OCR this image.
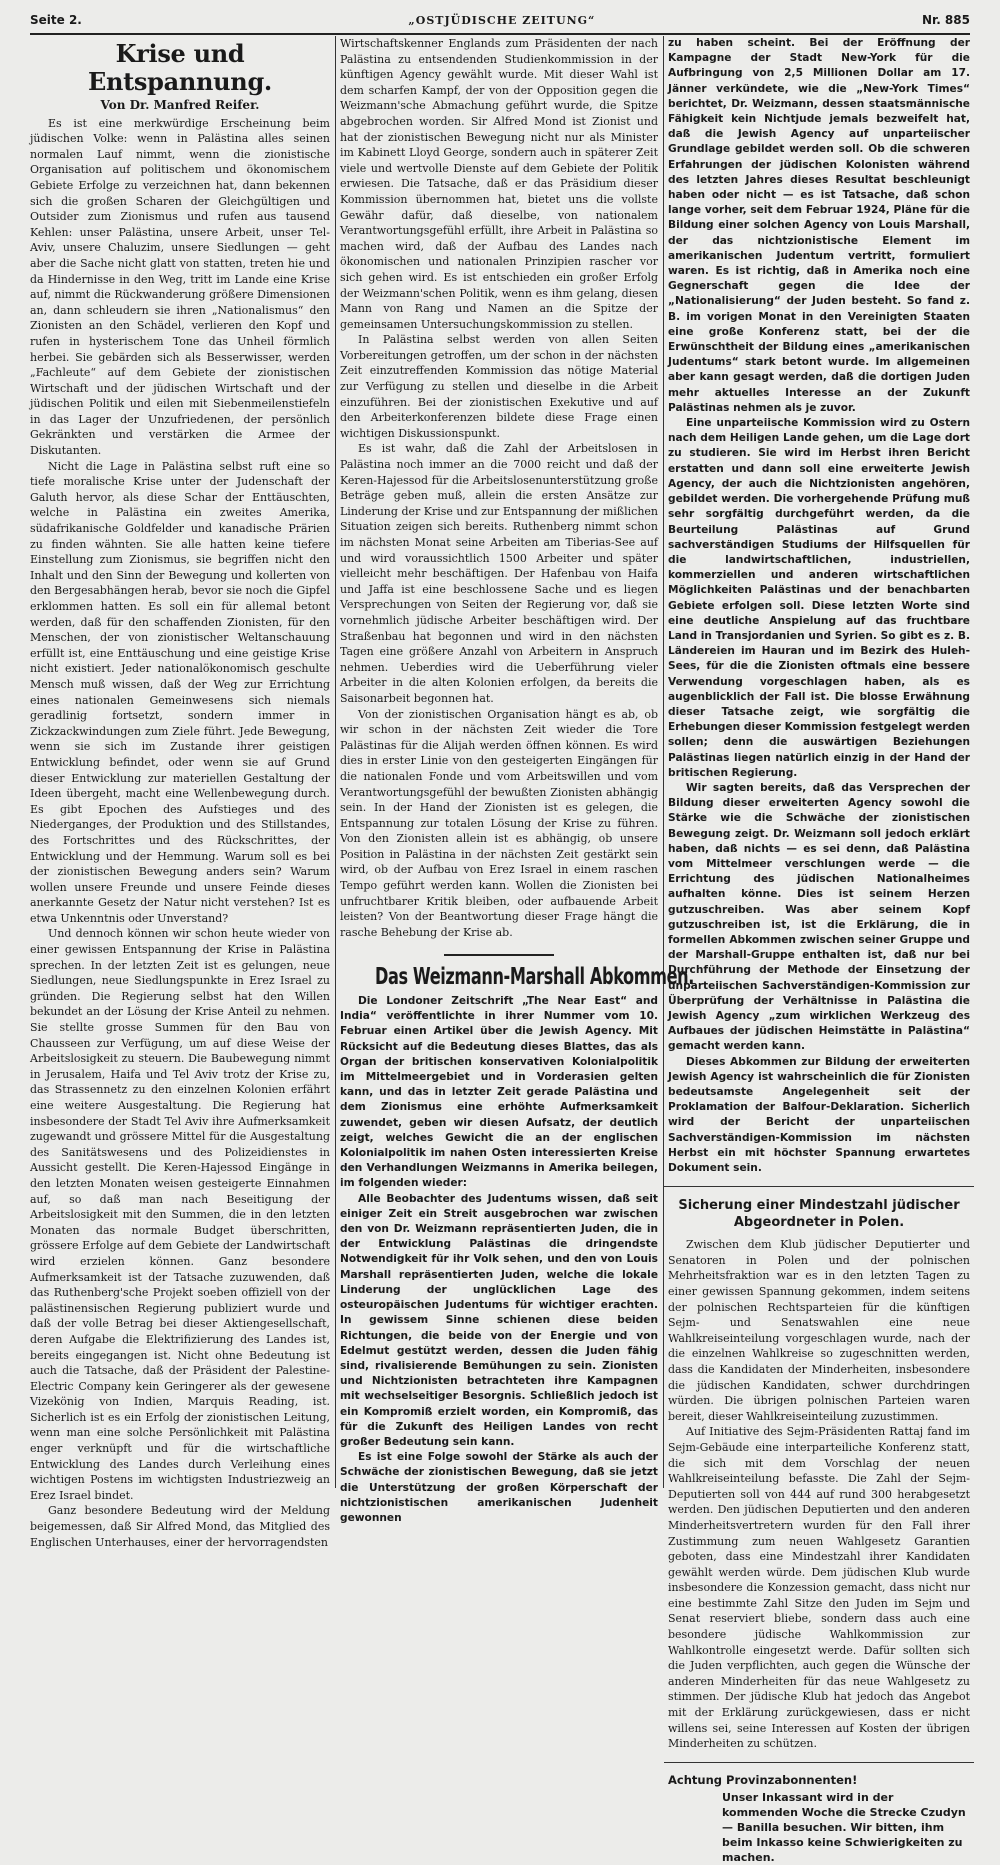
Seite 2.	„OSTJÜDISCHE ZEITUNG“	Nr. 885
Krise und Entspannung.
Von Dr. Manfred Reifer.

Es ist eine merkwürdige Erscheinung beim jüdischen Volke: wenn in Palästina alles seinen normalen Lauf nimmt, wenn die zionistische Organisation auf politischem und ökonomischem Gebiete Erfolge zu verzeichnen hat, dann bekennen sich die großen Scharen der Gleichgültigen und Outsider zum Zionismus und rufen aus tausend Kehlen: unser Palästina, unsere Arbeit, unser Tel-Aviv, unsere Chaluzim, unsere Siedlungen — geht aber die Sache nicht glatt von statten, treten hie und da Hindernisse in den Weg, tritt im Lande eine Krise auf, nimmt die Rückwanderung größere Dimensionen an, dann schleudern sie ihren „Nationalismus“ den Zionisten an den Schädel, verlieren den Kopf und rufen in hysterischem Tone das Unheil förmlich herbei. Sie gebärden sich als Besserwisser, werden „Fachleute“ auf dem Gebiete der zionistischen Wirtschaft und der jüdischen Wirtschaft und der jüdischen Politik und eilen mit Siebenmeilenstiefeln in das Lager der Unzufriedenen, der persönlich Gekränkten und verstärken die Armee der Diskutanten.

Nicht die Lage in Palästina selbst ruft eine so tiefe moralische Krise unter der Judenschaft der Galuth hervor, als diese Schar der Enttäuschten, welche in Palästina ein zweites Amerika, südafrikanische Goldfelder und kanadische Prärien zu finden wähnten. Sie alle hatten keine tiefere Einstellung zum Zionismus, sie begriffen nicht den Inhalt und den Sinn der Bewegung und kollerten von den Bergesabhängen herab, bevor sie noch die Gipfel erklommen hatten. Es soll ein für allemal betont werden, daß für den schaffenden Zionisten, für den Menschen, der von zionistischer Weltanschauung erfüllt ist, eine Enttäuschung und eine geistige Krise nicht existiert. Jeder nationalökonomisch geschulte Mensch muß wissen, daß der Weg zur Errichtung eines nationalen Gemeinwesens sich niemals geradlinig fortsetzt, sondern immer in Zickzackwindungen zum Ziele führt. Jede Bewegung, wenn sie sich im Zustande ihrer geistigen Entwicklung befindet, oder wenn sie auf Grund dieser Entwicklung zur materiellen Gestaltung der Ideen übergeht, macht eine Wellenbewegung durch. Es gibt Epochen des Aufstieges und des Niederganges, der Produktion und des Stillstandes, des Fortschrittes und des Rückschrittes, der Entwicklung und der Hemmung. Warum soll es bei der zionistischen Bewegung anders sein? Warum wollen unsere Freunde und unsere Feinde dieses anerkannte Gesetz der Natur nicht verstehen? Ist es etwa Unkenntnis oder Unverstand?

Und dennoch können wir schon heute wieder von einer gewissen Entspannung der Krise in Palästina sprechen. In der letzten Zeit ist es gelungen, neue Siedlungen, neue Siedlungspunkte in Erez Israel zu gründen. Die Regierung selbst hat den Willen bekundet an der Lösung der Krise Anteil zu nehmen. Sie stellte grosse Summen für den Bau von Chausseen zur Verfügung, um auf diese Weise der Arbeitslosigkeit zu steuern. Die Baubewegung nimmt in Jerusalem, Haifa und Tel Aviv trotz der Krise zu, das Strassennetz zu den einzelnen Kolonien erfährt eine weitere Ausgestaltung. Die Regierung hat insbesondere der Stadt Tel Aviv ihre Aufmerksamkeit zugewandt und grössere Mittel für die Ausgestaltung des Sanitätswesens und des Polizeidienstes in Aussicht gestellt. Die Keren-Hajessod Eingänge in den letzten Monaten weisen gesteigerte Einnahmen auf, so daß man nach Beseitigung der Arbeitslosigkeit mit den Summen, die in den letzten Monaten das normale Budget überschritten, grössere Erfolge auf dem Gebiete der Landwirtschaft wird erzielen können. Ganz besondere Aufmerksamkeit ist der Tatsache zuzuwenden, daß das Ruthenberg'sche Projekt soeben offiziell von der palästinensischen Regierung publiziert wurde und daß der volle Betrag bei dieser Aktiengesellschaft, deren Aufgabe die Elektrifizierung des Landes ist, bereits eingegangen ist. Nicht ohne Bedeutung ist auch die Tatsache, daß der Präsident der Palestine-Electric Company kein Geringerer als der gewesene Vizekönig von Indien, Marquis Reading, ist. Sicherlich ist es ein Erfolg der zionistischen Leitung, wenn man eine solche Persönlichkeit mit Palästina enger verknüpft und für die wirtschaftliche Entwicklung des Landes durch Verleihung eines wichtigen Postens im wichtigsten Industriezweig an Erez Israel bindet.

Ganz besondere Bedeutung wird der Meldung beigemessen, daß Sir Alfred Mond, das Mitglied des Englischen Unterhauses, einer der hervorragendsten

Wirtschaftskenner Englands zum Präsidenten der nach Palästina zu entsendenden Studienkommission in der künftigen Agency gewählt wurde. Mit dieser Wahl ist dem scharfen Kampf, der von der Opposition gegen die Weizmann'sche Abmachung geführt wurde, die Spitze abgebrochen worden. Sir Alfred Mond ist Zionist und hat der zionistischen Bewegung nicht nur als Minister im Kabinett Lloyd George, sondern auch in späterer Zeit viele und wertvolle Dienste auf dem Gebiete der Politik erwiesen. Die Tatsache, daß er das Präsidium dieser Kommission übernommen hat, bietet uns die vollste Gewähr dafür, daß dieselbe, von nationalem Verantwortungsgefühl erfüllt, ihre Arbeit in Palästina so machen wird, daß der Aufbau des Landes nach ökonomischen und nationalen Prinzipien rascher vor sich gehen wird. Es ist entschieden ein großer Erfolg der Weizmann'schen Politik, wenn es ihm gelang, diesen Mann von Rang und Namen an die Spitze der gemeinsamen Untersuchungskommission zu stellen.

In Palästina selbst werden von allen Seiten Vorbereitungen getroffen, um der schon in der nächsten Zeit einzutreffenden Kommission das nötige Material zur Verfügung zu stellen und dieselbe in die Arbeit einzuführen. Bei der zionistischen Exekutive und auf den Arbeiterkonferenzen bildete diese Frage einen wichtigen Diskussionspunkt.

Es ist wahr, daß die Zahl der Arbeitslosen in Palästina noch immer an die 7000 reicht und daß der Keren-Hajessod für die Arbeitslosenunterstützung große Beträge geben muß, allein die ersten Ansätze zur Linderung der Krise und zur Entspannung der mißlichen Situation zeigen sich bereits. Ruthenberg nimmt schon im nächsten Monat seine Arbeiten am Tiberias-See auf und wird voraussichtlich 1500 Arbeiter und später vielleicht mehr beschäftigen. Der Hafenbau von Haifa und Jaffa ist eine beschlossene Sache und es liegen Versprechungen von Seiten der Regierung vor, daß sie vornehmlich jüdische Arbeiter beschäftigen wird. Der Straßenbau hat begonnen und wird in den nächsten Tagen eine größere Anzahl von Arbeitern in Anspruch nehmen. Ueberdies wird die Ueberführung vieler Arbeiter in die alten Kolonien erfolgen, da bereits die Saisonarbeit begonnen hat.

Von der zionistischen Organisation hängt es ab, ob wir schon in der nächsten Zeit wieder die Tore Palästinas für die Alijah werden öffnen können. Es wird dies in erster Linie von den gesteigerten Eingängen für die nationalen Fonde und vom Arbeitswillen und vom Verantwortungsgefühl der bewußten Zionisten abhängig sein. In der Hand der Zionisten ist es gelegen, die Entspannung zur totalen Lösung der Krise zu führen. Von den Zionisten allein ist es abhängig, ob unsere Position in Palästina in der nächsten Zeit gestärkt sein wird, ob der Aufbau von Erez Israel in einem raschen Tempo geführt werden kann. Wollen die Zionisten bei unfruchtbarer Kritik bleiben, oder aufbauende Arbeit leisten? Von der Beantwortung dieser Frage hängt die rasche Behebung der Krise ab.

Das Weizmann-Marshall Abkommen.

Die Londoner Zeitschrift „The Near East“ and India“ veröffentlichte in ihrer Nummer vom 10. Februar einen Artikel über die Jewish Agency. Mit Rücksicht auf die Bedeutung dieses Blattes, das als Organ der britischen konservativen Kolonialpolitik im Mittelmeergebiet und in Vorderasien gelten kann, und das in letzter Zeit gerade Palästina und dem Zionismus eine erhöhte Aufmerksamkeit zuwendet, geben wir diesen Aufsatz, der deutlich zeigt, welches Gewicht die an der englischen Kolonialpolitik im nahen Osten interessierten Kreise den Verhandlungen Weizmanns in Amerika beilegen, im folgenden wieder:

Alle Beobachter des Judentums wissen, daß seit einiger Zeit ein Streit ausgebrochen war zwischen den von Dr. Weizmann repräsentierten Juden, die in der Entwicklung Palästinas die dringendste Notwendigkeit für ihr Volk sehen, und den von Louis Marshall repräsentierten Juden, welche die lokale Linderung der unglücklichen Lage des osteuropäischen Judentums für wichtiger erachten. In gewissem Sinne schienen diese beiden Richtungen, die beide von der Energie und von Edelmut gestützt werden, dessen die Juden fähig sind, rivalisierende Bemühungen zu sein. Zionisten und Nichtzionisten betrachteten ihre Kampagnen mit wechselseitiger Besorgnis. Schließlich jedoch ist ein Kompromiß erzielt worden, ein Kompromiß, das für die Zukunft des Heiligen Landes von recht großer Bedeutung sein kann.

Es ist eine Folge sowohl der Stärke als auch der Schwäche der zionistischen Bewegung, daß sie jetzt die Unterstützung der großen Körperschaft der nichtzionistischen amerikanischen Judenheit gewonnen

zu haben scheint. Bei der Eröffnung der Kampagne der Stadt New-York für die Aufbringung von 2,5 Millionen Dollar am 17. Jänner verkündete, wie die „New-York Times“ berichtet, Dr. Weizmann, dessen staatsmännische Fähigkeit kein Nichtjude jemals bezweifelt hat, daß die Jewish Agency auf unparteiischer Grundlage gebildet werden soll. Ob die schweren Erfahrungen der jüdischen Kolonisten während des letzten Jahres dieses Resultat beschleunigt haben oder nicht — es ist Tatsache, daß schon lange vorher, seit dem Februar 1924, Pläne für die Bildung einer solchen Agency von Louis Marshall, der das nichtzionistische Element im amerikanischen Judentum vertritt, formuliert waren. Es ist richtig, daß in Amerika noch eine Gegnerschaft gegen die Idee der „Nationalisierung“ der Juden besteht. So fand z. B. im vorigen Monat in den Vereinigten Staaten eine große Konferenz statt, bei der die Erwünschtheit der Bildung eines „amerikanischen Judentums“ stark betont wurde. Im allgemeinen aber kann gesagt werden, daß die dortigen Juden mehr aktuelles Interesse an der Zukunft Palästinas nehmen als je zuvor.

Eine unparteiische Kommission wird zu Ostern nach dem Heiligen Lande gehen, um die Lage dort zu studieren. Sie wird im Herbst ihren Bericht erstatten und dann soll eine erweiterte Jewish Agency, der auch die Nichtzionisten angehören, gebildet werden. Die vorhergehende Prüfung muß sehr sorgfältig durchgeführt werden, da die Beurteilung Palästinas auf Grund sachverständigen Studiums der Hilfsquellen für die landwirtschaftlichen, industriellen, kommerziellen und anderen wirtschaftlichen Möglichkeiten Palästinas und der benachbarten Gebiete erfolgen soll. Diese letzten Worte sind eine deutliche Anspielung auf das fruchtbare Land in Transjordanien und Syrien. So gibt es z. B. Ländereien im Hauran und im Bezirk des Huleh-Sees, für die die Zionisten oftmals eine bessere Verwendung vorgeschlagen haben, als es augenblicklich der Fall ist. Die blosse Erwähnung dieser Tatsache zeigt, wie sorgfältig die Erhebungen dieser Kommission festgelegt werden sollen; denn die auswärtigen Beziehungen Palästinas liegen natürlich einzig in der Hand der britischen Regierung.

Wir sagten bereits, daß das Versprechen der Bildung dieser erweiterten Agency sowohl die Stärke wie die Schwäche der zionistischen Bewegung zeigt. Dr. Weizmann soll jedoch erklärt haben, daß nichts — es sei denn, daß Palästina vom Mittelmeer verschlungen werde — die Errichtung des jüdischen Nationalheimes aufhalten könne. Dies ist seinem Herzen gutzuschreiben. Was aber seinem Kopf gutzuschreiben ist, ist die Erklärung, die in formellen Abkommen zwischen seiner Gruppe und der Marshall-Gruppe enthalten ist, daß nur bei Durchführung der Methode der Einsetzung der unparteiischen Sachverständigen-Kommission zur Überprüfung der Verhältnisse in Palästina die Jewish Agency „zum wirklichen Werkzeug des Aufbaues der jüdischen Heimstätte in Palästina“ gemacht werden kann.

Dieses Abkommen zur Bildung der erweiterten Jewish Agency ist wahrscheinlich die für Zionisten bedeutsamste Angelegenheit seit der Proklamation der Balfour-Deklaration. Sicherlich wird der Bericht der unparteiischen Sachverständigen-Kommission im nächsten Herbst ein mit höchster Spannung erwartetes Dokument sein.

Sicherung einer Mindestzahl jüdischer Abgeordneter in Polen.

Zwischen dem Klub jüdischer Deputierter und Senatoren in Polen und der polnischen Mehrheitsfraktion war es in den letzten Tagen zu einer gewissen Spannung gekommen, indem seitens der polnischen Rechtsparteien für die künftigen Sejm- und Senatswahlen eine neue Wahlkreiseinteilung vorgeschlagen wurde, nach der die einzelnen Wahlkreise so zugeschnitten werden, dass die Kandidaten der Minderheiten, insbesondere die jüdischen Kandidaten, schwer durchdringen würden. Die übrigen polnischen Parteien waren bereit, dieser Wahlkreiseinteilung zuzustimmen.

Auf Initiative des Sejm-Präsidenten Rattaj fand im Sejm-Gebäude eine interparteiliche Konferenz statt, die sich mit dem Vorschlag der neuen Wahlkreiseinteilung befasste. Die Zahl der Sejm-Deputierten soll von 444 auf rund 300 herabgesetzt werden. Den jüdischen Deputierten und den anderen Minderheitsvertretern wurden für den Fall ihrer Zustimmung zum neuen Wahlgesetz Garantien geboten, dass eine Mindestzahl ihrer Kandidaten gewählt werden würde. Dem jüdischen Klub wurde insbesondere die Konzession gemacht, dass nicht nur eine bestimmte Zahl Sitze den Juden im Sejm und Senat reserviert bliebe, sondern dass auch eine besondere jüdische Wahlkommission zur Wahlkontrolle eingesetzt werde. Dafür sollten sich die Juden verpflichten, auch gegen die Wünsche der anderen Minderheiten für das neue Wahlgesetz zu stimmen. Der jüdische Klub hat jedoch das Angebot mit der Erklärung zurückgewiesen, dass er nicht willens sei, seine Interessen auf Kosten der übrigen Minderheiten zu schützen.

Achtung Provinzabonnenten!
Unser Inkassant wird in der kommenden Woche die Strecke Czudyn — Banilla besuchen. Wir bitten, ihm beim Inkasso keine Schwierigkeiten zu machen.
